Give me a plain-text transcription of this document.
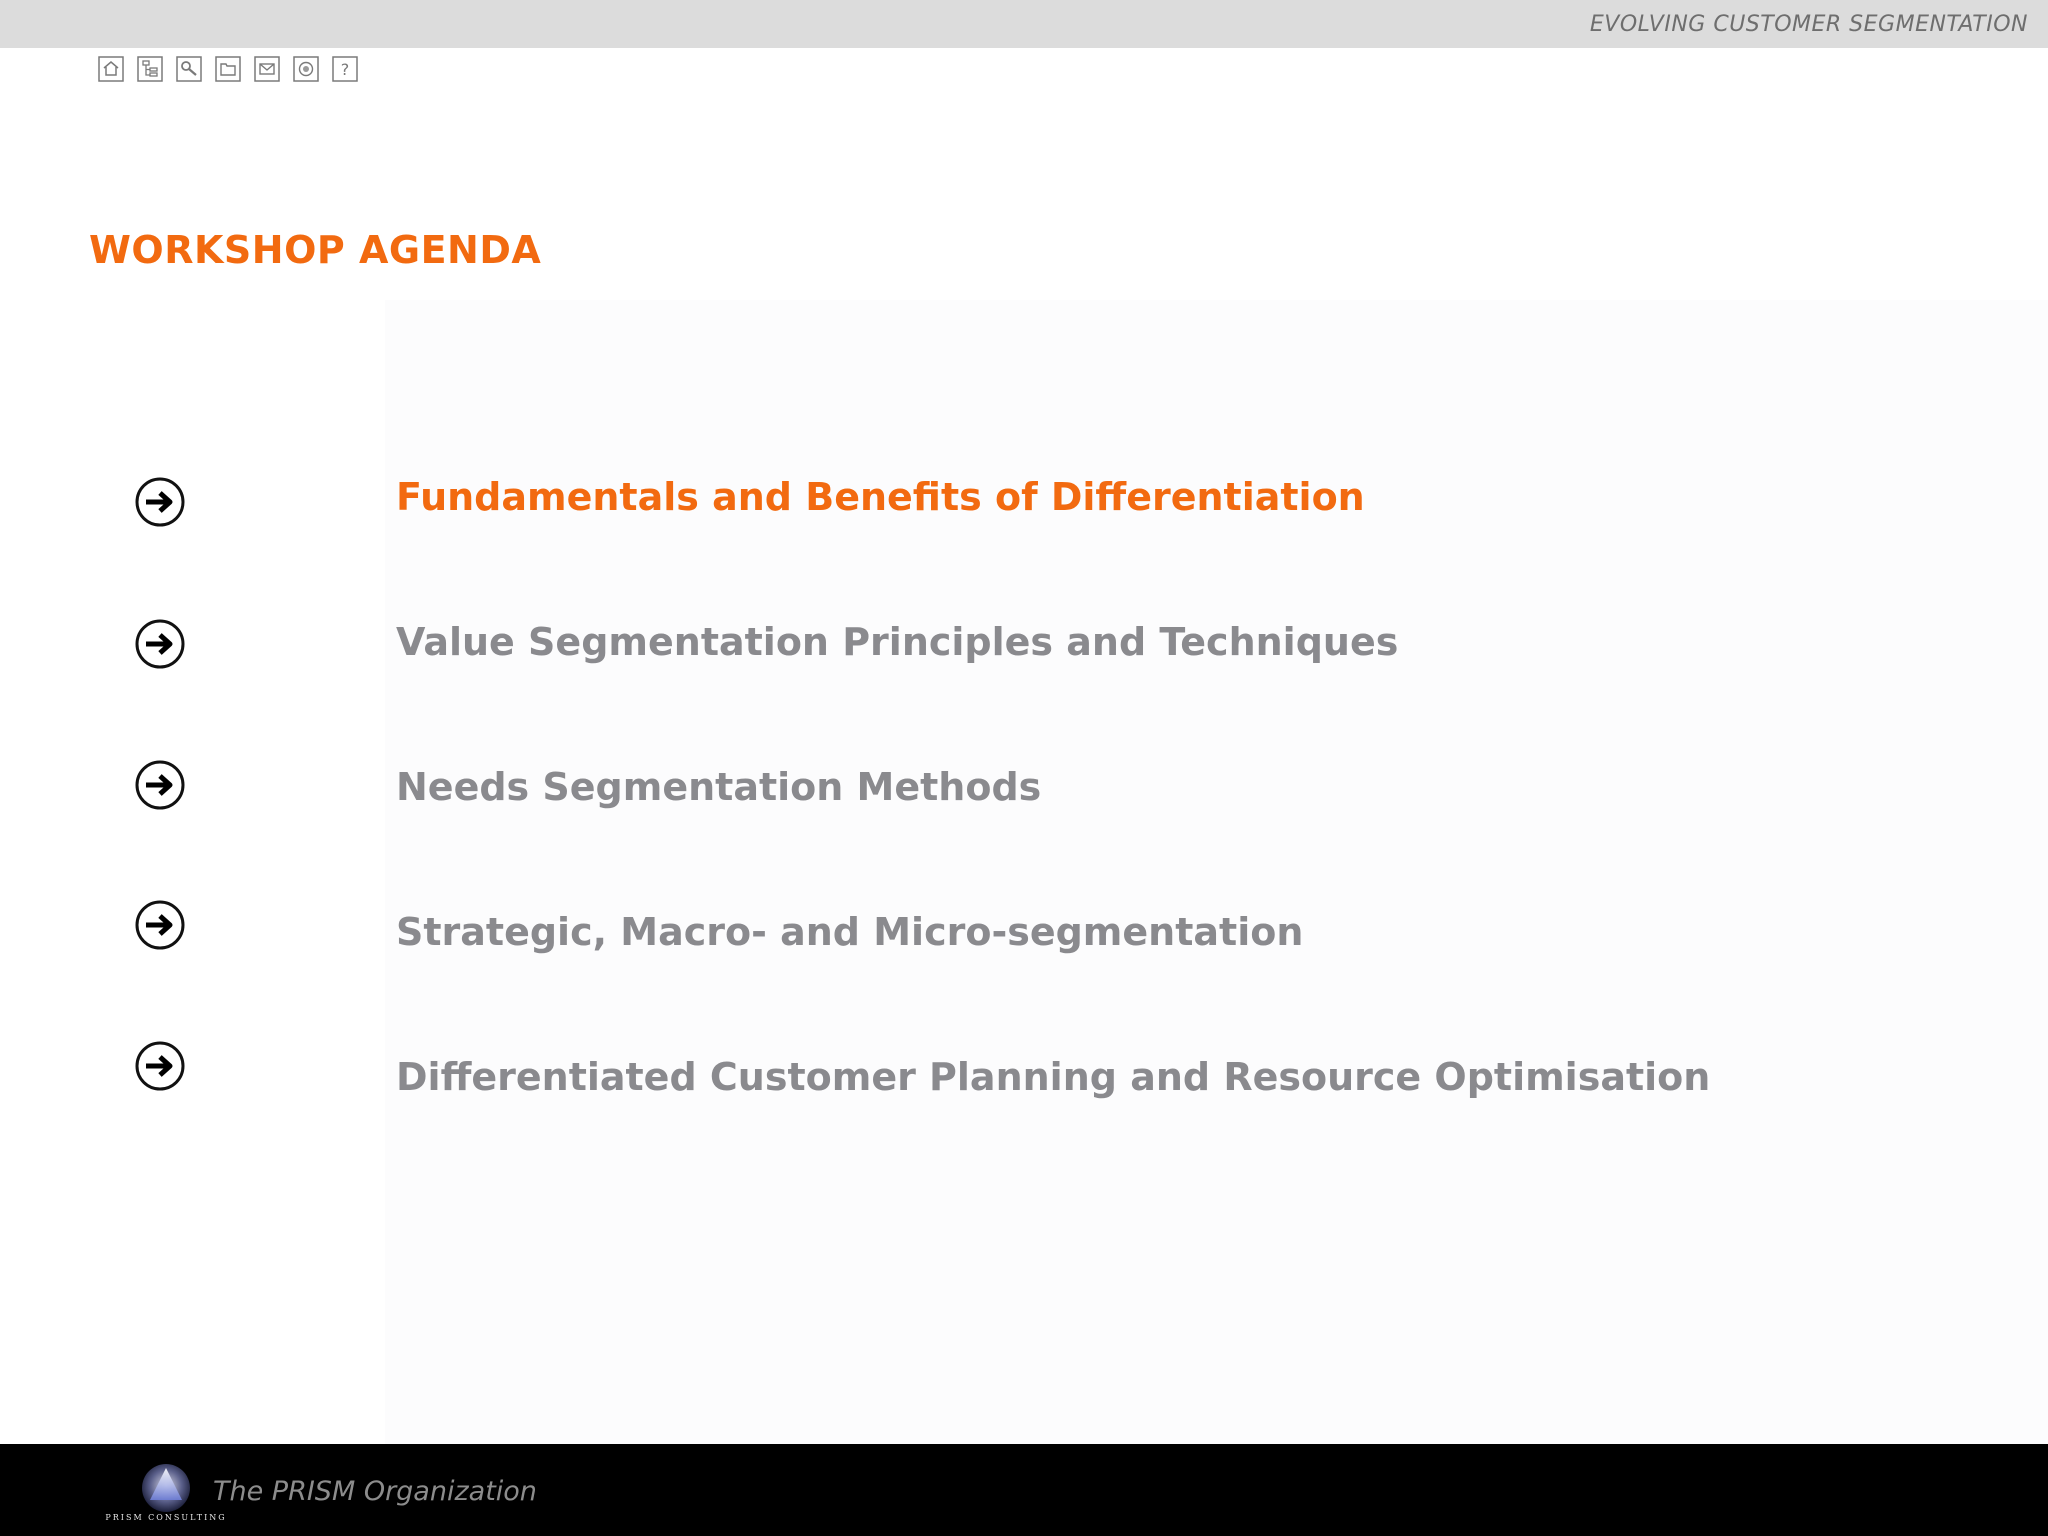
EVOLVING CUSTOMER SEGMENTATION
?
WORKSHOP AGENDA
Fundamentals and Benefits of Differentiation
Value Segmentation Principles and Techniques
Needs Segmentation Methods
Strategic, Macro- and Micro-segmentation
Differentiated Customer Planning and Resource Optimisation
PRISM CONSULTING
The PRISM Organization
